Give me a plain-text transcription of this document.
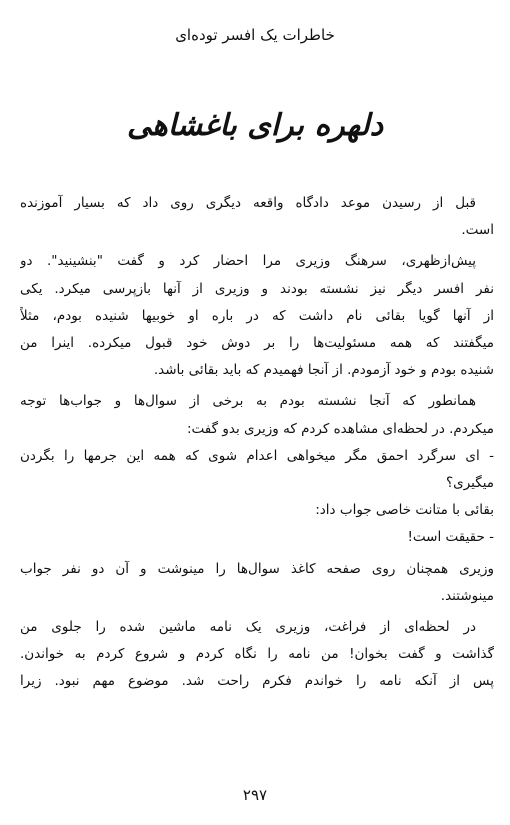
خاطرات یک افسر توده‌ای
دلهره برای باغشاهی
قبل از رسیدن موعد دادگاه واقعه دیگری روی داد که بسیار آموزنده
است.
پیش‌ازظهری، سرهنگ وزیری مرا احضار کرد و گفت "بنشینید". دو
نفر افسر دیگر نیز نشسته بودند و وزیری از آنها بازپرسی میکرد. یکی
از آنها گویا بقائی نام داشت که در باره او خوبیها شنیده بودم، مثلاً
میگفتند که همه مسئولیت‌ها را بر دوش خود قبول میکرده. اینرا من
شنیده بودم و خود آزمودم. از آنجا فهمیدم که باید بقائی باشد.
همانطور که آنجا نشسته بودم به برخی از سوال‌ها و جواب‌ها توجه
میکردم. در لحظه‌ای مشاهده کردم که وزیری بدو گفت:
- ای سرگرد احمق مگر میخواهی اعدام شوی که همه این جرمها را بگردن
میگیری؟
بقائی با متانت خاصی جواب داد:
- حقیقت است!
وزیری همچنان روی صفحه کاغذ سوال‌ها را مینوشت و آن دو نفر جواب
مینوشتند.
در لحظه‌ای از فراغت، وزیری یک نامه ماشین شده را جلوی من
گذاشت و گفت بخوان! من نامه را نگاه کردم و شروع کردم به خواندن.
پس از آنکه نامه را خواندم فکرم راحت شد. موضوع مهم نبود. زیرا
۲۹۷
